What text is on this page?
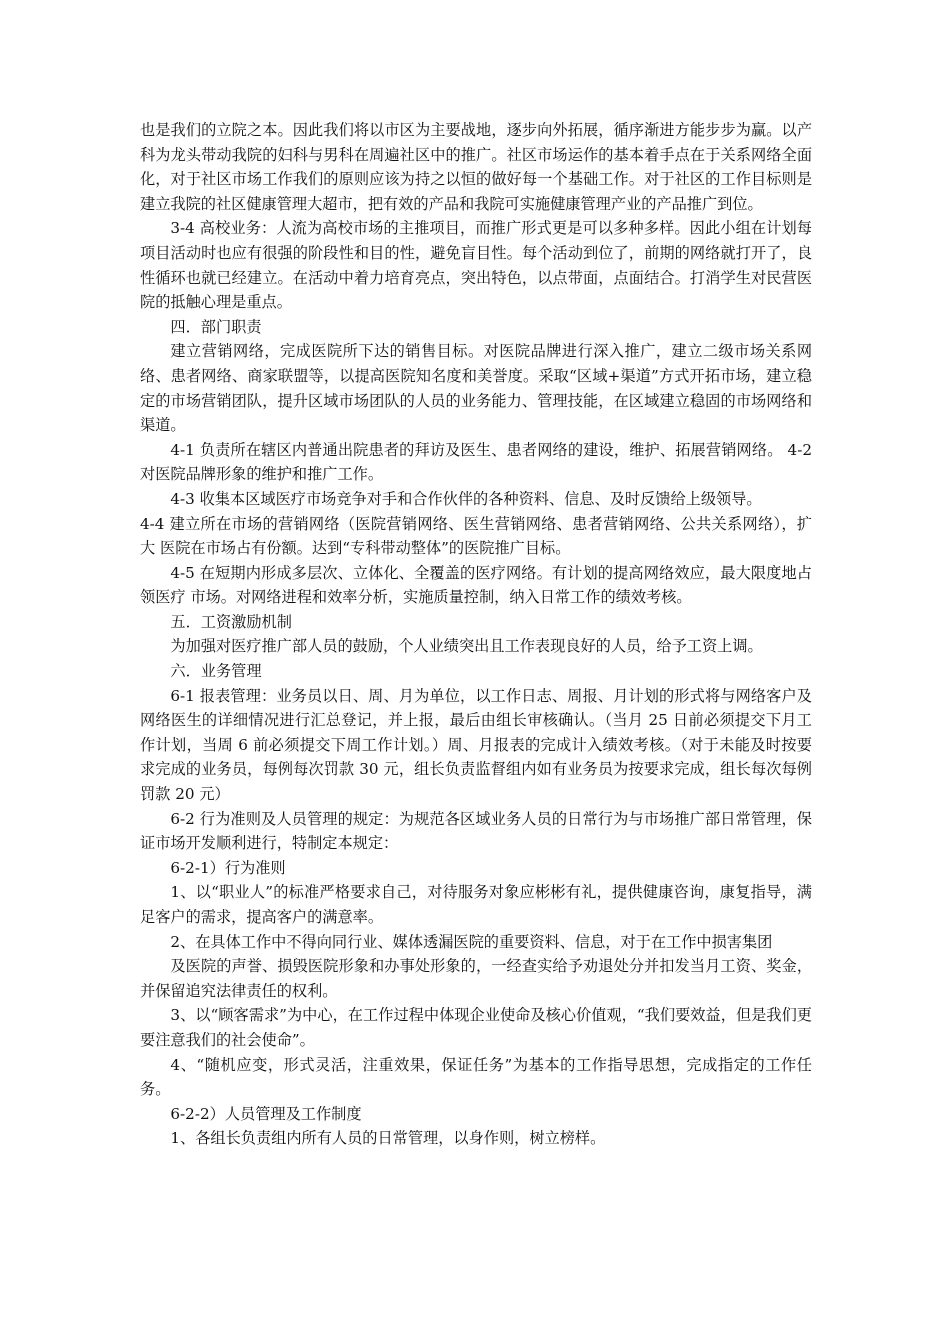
也是我们的立院之本。因此我们将以市区为主要战地，逐步向外拓展，循序渐进方能步步为赢。以产科为龙头带动我院的妇科与男科在周遍社区中的推广。社区市场运作的基本着手点在于关系网络全面化，对于社区市场工作我们的原则应该为持之以恒的做好每一个基础工作。对于社区的工作目标则是建立我院的社区健康管理大超市，把有效的产品和我院可实施健康管理产业的产品推广到位。

3-4 高校业务：人流为高校市场的主推项目，而推广形式更是可以多种多样。因此小组在计划每项目活动时也应有很强的阶段性和目的性，避免盲目性。每个活动到位了，前期的网络就打开了，良性循环也就已经建立。在活动中着力培育亮点，突出特色，以点带面，点面结合。打消学生对民营医院的抵触心理是重点。

四．部门职责

建立营销网络，完成医院所下达的销售目标。对医院品牌进行深入推广，建立二级市场关系网络、患者网络、商家联盟等，以提高医院知名度和美誉度。采取“区域+渠道”方式开拓市场，建立稳定的市场营销团队，提升区域市场团队的人员的业务能力、管理技能，在区域建立稳固的市场网络和渠道。

4-1 负责所在辖区内普通出院患者的拜访及医生、患者网络的建设，维护、拓展营销网络。 4-2 对医院品牌形象的维护和推广工作。

4-3 收集本区域医疗市场竞争对手和合作伙伴的各种资料、信息、及时反馈给上级领导。

4-4 建立所在市场的营销网络（医院营销网络、医生营销网络、患者营销网络、公共关系网络），扩大 医院在市场占有份额。达到“专科带动整体”的医院推广目标。

4-5 在短期内形成多层次、立体化、全覆盖的医疗网络。有计划的提高网络效应，最大限度地占领医疗 市场。对网络进程和效率分析，实施质量控制，纳入日常工作的绩效考核。

五．工资激励机制

为加强对医疗推广部人员的鼓励，个人业绩突出且工作表现良好的人员，给予工资上调。

六．业务管理

6-1 报表管理：业务员以日、周、月为单位，以工作日志、周报、月计划的形式将与网络客户及网络医生的详细情况进行汇总登记，并上报，最后由组长审核确认。（当月 25 日前必须提交下月工作计划，当周 6 前必须提交下周工作计划。）周、月报表的完成计入绩效考核。（对于未能及时按要求完成的业务员，每例每次罚款 30 元，组长负责监督组内如有业务员为按要求完成，组长每次每例罚款 20 元）

6-2 行为准则及人员管理的规定：为规范各区域业务人员的日常行为与市场推广部日常管理，保证市场开发顺利进行，特制定本规定：

6-2-1）行为准则

1、以“职业人”的标准严格要求自己，对待服务对象应彬彬有礼，提供健康咨询，康复指导，满足客户的需求，提高客户的满意率。

2、在具体工作中不得向同行业、媒体透漏医院的重要资料、信息，对于在工作中损害集团

及医院的声誉、损毁医院形象和办事处形象的，一经查实给予劝退处分并扣发当月工资、奖金，并保留追究法律责任的权利。

3、以“顾客需求”为中心，在工作过程中体现企业使命及核心价值观，“我们要效益，但是我们更要注意我们的社会使命”。

4、“随机应变，形式灵活，注重效果，保证任务”为基本的工作指导思想，完成指定的工作任务。

6-2-2）人员管理及工作制度

1、各组长负责组内所有人员的日常管理，以身作则，树立榜样。
